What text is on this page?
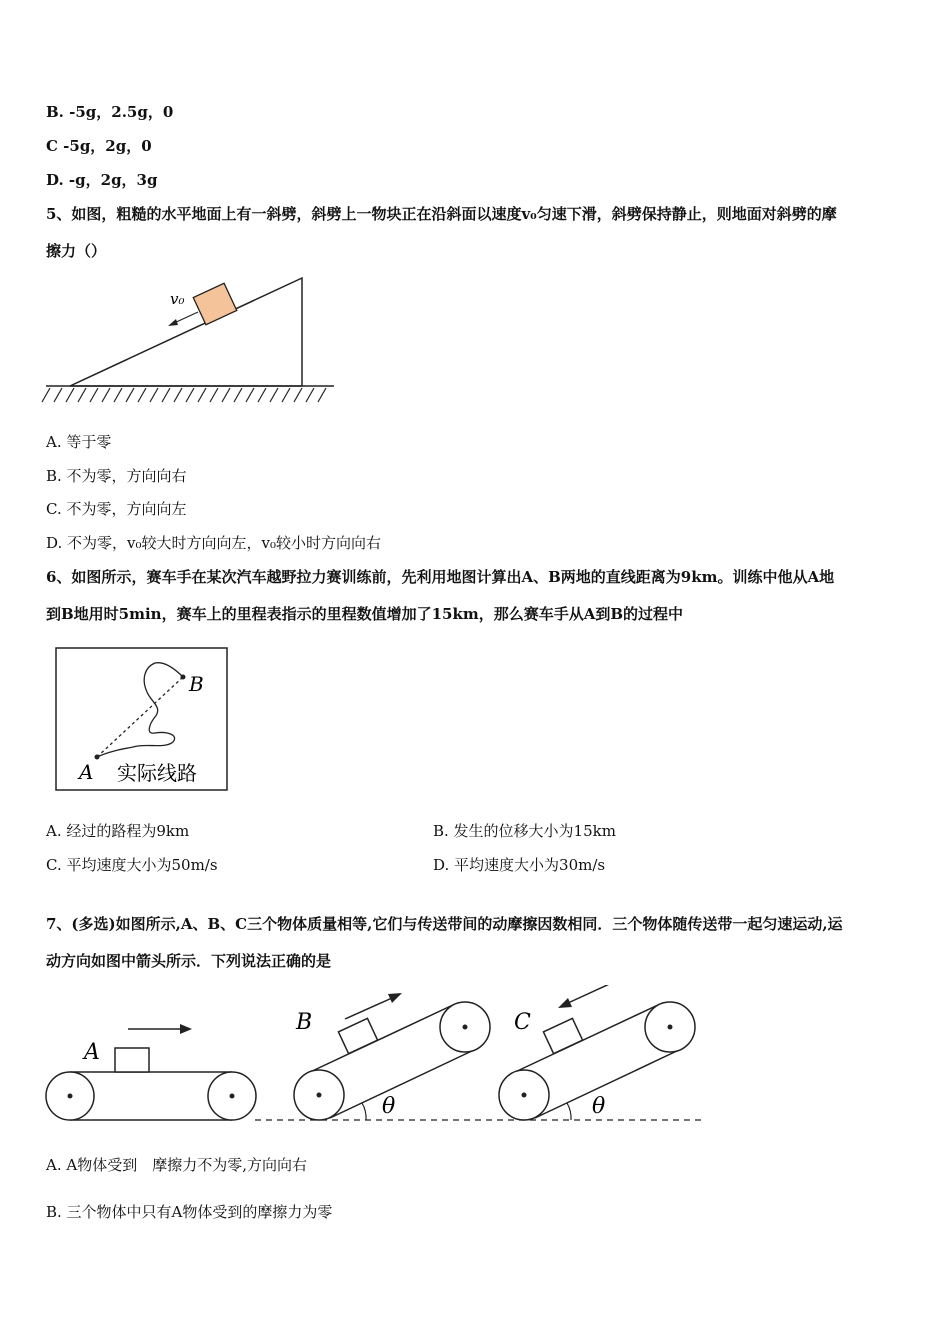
B. -5g，2.5g，0
C -5g，2g，0
D. -g，2g，3g
5、如图，粗糙的水平地面上有一斜劈，斜劈上一物块正在沿斜面以速度v₀匀速下滑，斜劈保持静止，则地面对斜劈的摩
擦力（）
v₀
A. 等于零
B. 不为零，方向向右
C. 不为零，方向向左
D. 不为零，v₀较大时方向向左，v₀较小时方向向右
6、如图所示，赛车手在某次汽车越野拉力赛训练前，先利用地图计算出A、B两地的直线距离为9km。训练中他从A地
到B地用时5min，赛车上的里程表指示的里程数值增加了15km，那么赛车手从A到B的过程中
B
A 实际线路
A. 经过的路程为9km	B. 发生的位移大小为15km
C. 平均速度大小为50m/s	D. 平均速度大小为30m/s
7、(多选)如图所示,A、B、C三个物体质量相等,它们与传送带间的动摩擦因数相同．三个物体随传送带一起匀速运动,运
动方向如图中箭头所示．下列说法正确的是
A
B
θ
C
θ
A. A物体受到　摩擦力不为零,方向向右
B. 三个物体中只有A物体受到的摩擦力为零
